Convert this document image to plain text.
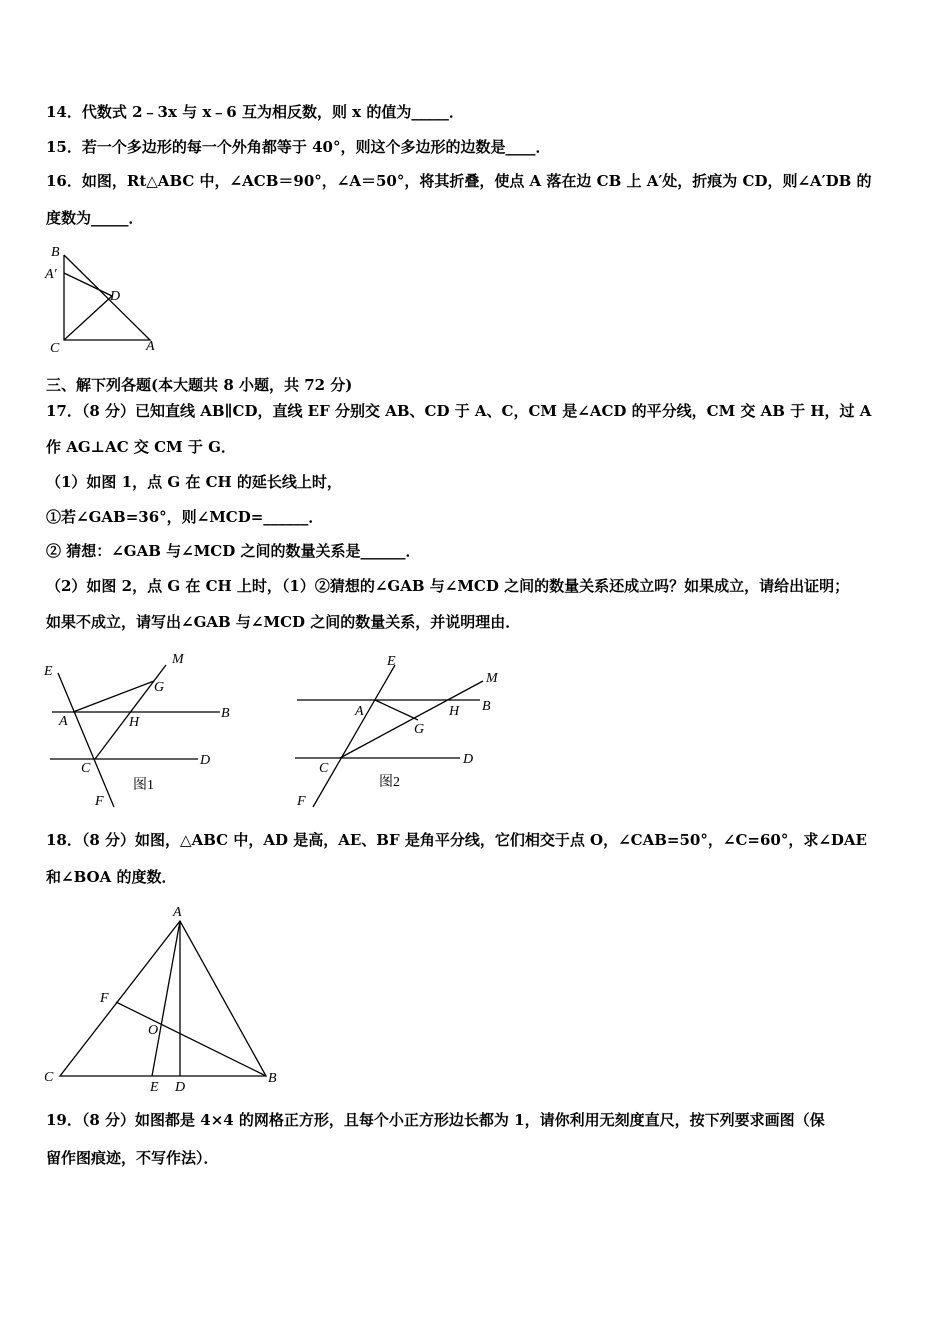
14．代数式 2﹣3x 与 x﹣6 互为相反数，则 x 的值为_____．
15．若一个多边形的每一个外角都等于 40°，则这个多边形的边数是____．
16．如图，Rt△ABC 中，∠ACB＝90°，∠A＝50°，将其折叠，使点 A 落在边 CB 上 A′处，折痕为 CD，则∠A′DB 的
度数为_____．
B
A′
D
C	A
三、解下列各题(本大题共 8 小题，共 72 分)
17．（8 分）已知直线 AB∥CD，直线 EF 分别交 AB、CD 于 A、C，CM 是∠ACD 的平分线，CM 交 AB 于 H，过 A
作 AG⊥AC 交 CM 于 G．
（1）如图 1，点 G 在 CH 的延长线上时，
①若∠GAB=36°，则∠MCD=______．
② 猜想：∠GAB 与∠MCD 之间的数量关系是______．
（2）如图 2，点 G 在 CH 上时，（1）②猜想的∠GAB 与∠MCD 之间的数量关系还成立吗？如果成立，请给出证明；
如果不成立，请写出∠GAB 与∠MCD 之间的数量关系，并说明理由．
E
M
G
A	H
B
C
D
F
图1
E
M
A	H B
G
C
D
F
图2
18．（8 分）如图，△ABC 中，AD 是高，AE、BF 是角平分线，它们相交于点 O，∠CAB=50°，∠C=60°，求∠DAE
和∠BOA 的度数．
A
F
O
C
E D
B
19．（8 分）如图都是 4×4 的网格正方形，且每个小正方形边长都为 1，请你利用无刻度直尺，按下列要求画图（保
留作图痕迹，不写作法）．
